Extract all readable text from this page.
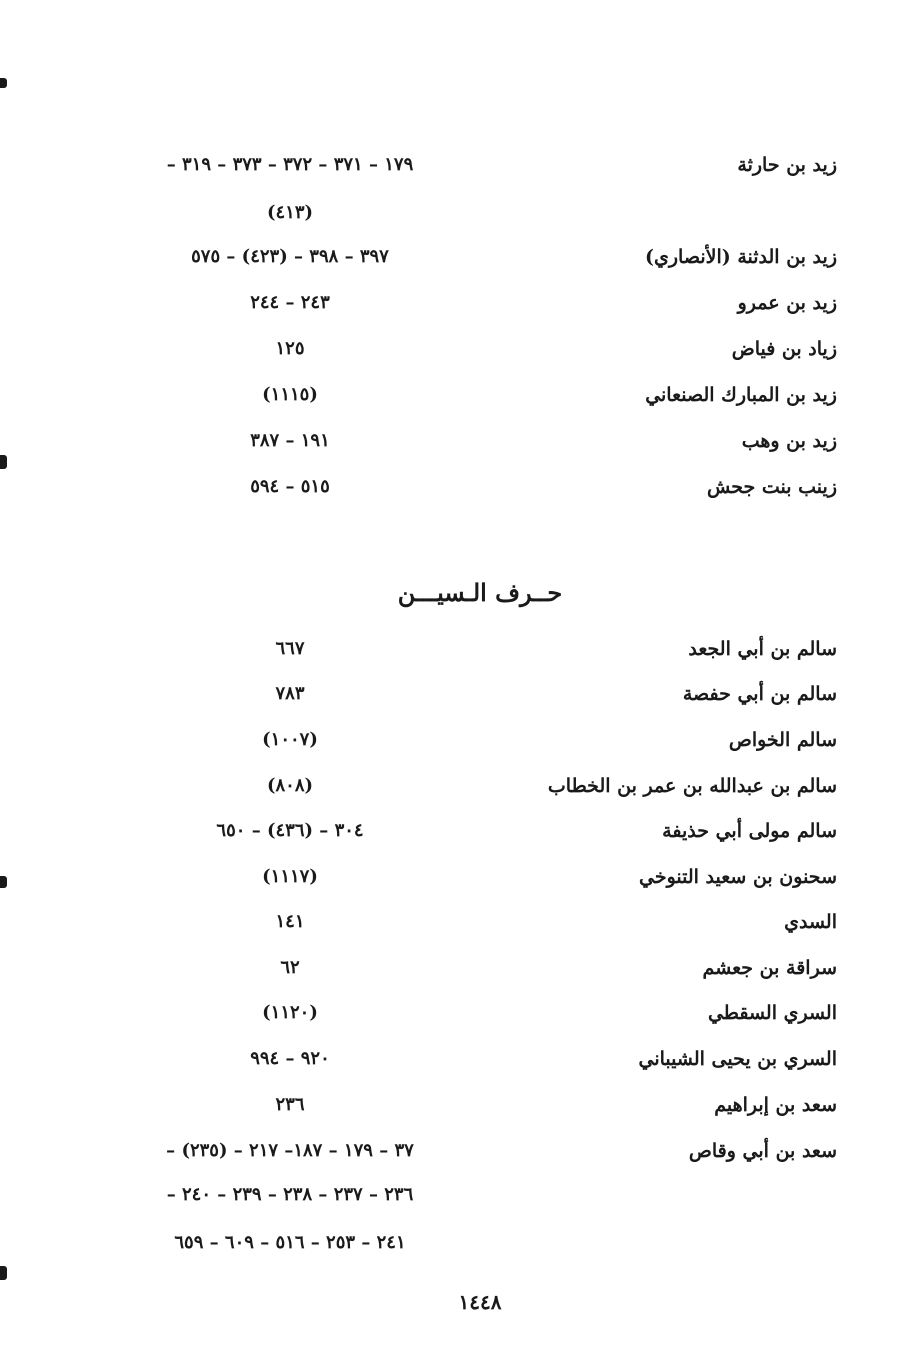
زيد بن حارثة
١٧٩ – ٣٧١ – ٣٧٢ – ٣٧٣ – ٣١٩ –
(٤١٣)
زيد بن الدثنة (الأنصاري)
٣٩٧ – ٣٩٨ – (٤٢٣) – ٥٧٥
زيد بن عمرو
٢٤٣ – ٢٤٤
زياد بن فياض
١٢٥
زيد بن المبارك الصنعاني
(١١١٥)
زيد بن وهب
١٩١ – ٣٨٧
زينب بنت جحش
٥١٥ – ٥٩٤
حــرف الـسيـــن
سالم بن أبي الجعد
٦٦٧
سالم بن أبي حفصة
٧٨٣
سالم الخواص
(١٠٠٧)
سالم بن عبدالله بن عمر بن الخطاب
(٨٠٨)
سالم مولى أبي حذيفة
٣٠٤ – (٤٣٦) – ٦٥٠
سحنون بن سعيد التنوخي
(١١١٧)
السدي
١٤١
سراقة بن جعشم
٦٢
السري السقطي
(١١٢٠)
السري بن يحيى الشيباني
٩٢٠ – ٩٩٤
سعد بن إبراهيم
٢٣٦
سعد بن أبي وقاص
٣٧ – ١٧٩ – ١٨٧– ٢١٧ – (٢٣٥) –
٢٣٦ – ٢٣٧ – ٢٣٨ – ٢٣٩ – ٢٤٠ –
٢٤١ – ٢٥٣ – ٥١٦ – ٦٠٩ – ٦٥٩
١٤٤٨
